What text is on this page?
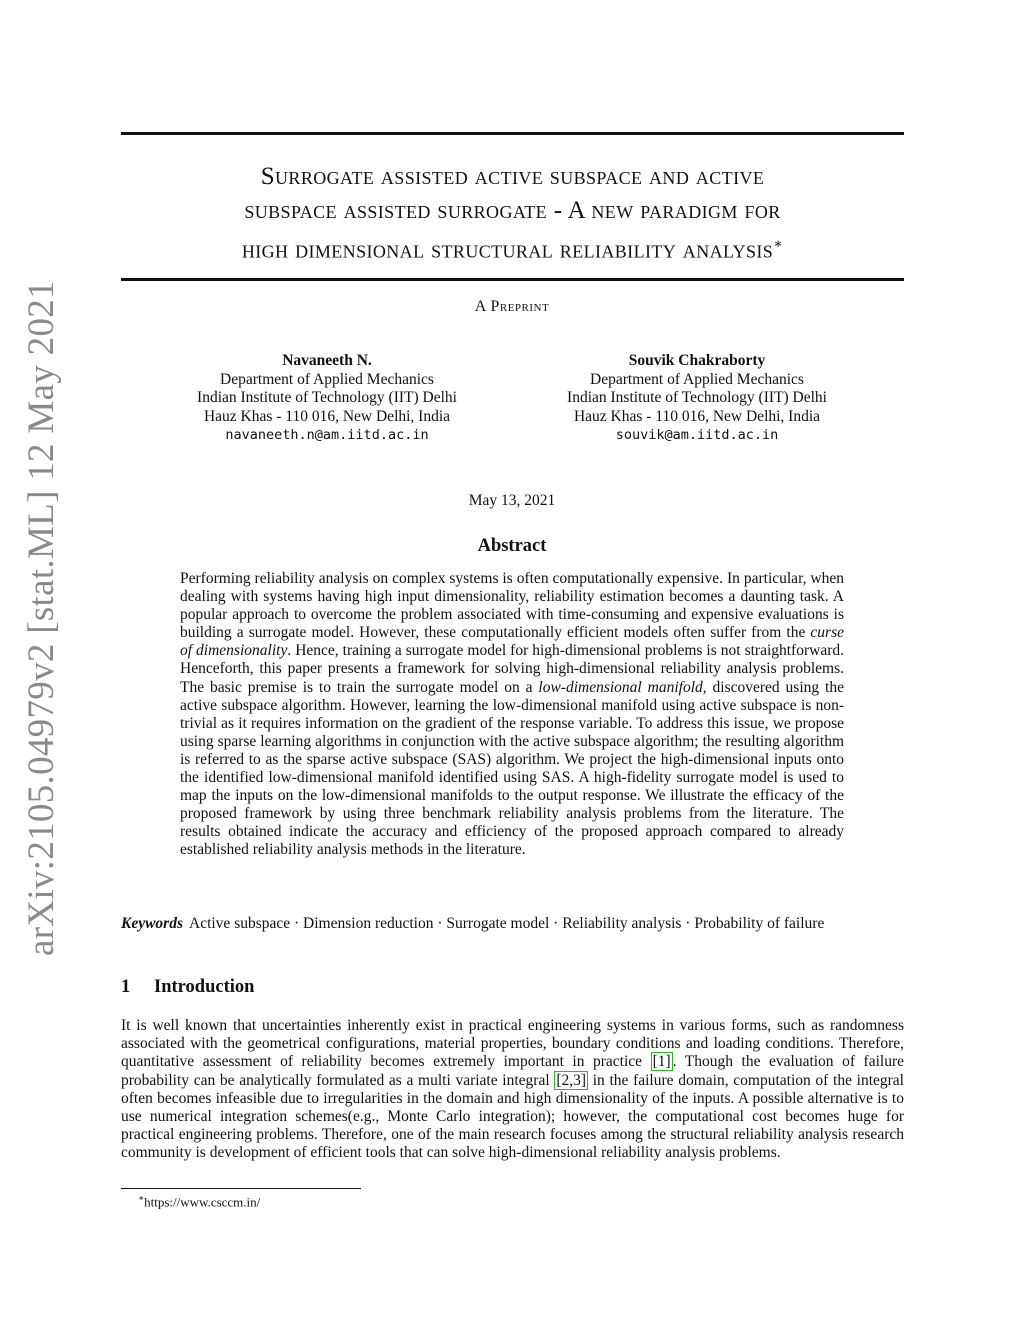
arXiv:2105.04979v2 [stat.ML] 12 May 2021
Surrogate assisted active subspace and active
subspace assisted surrogate - A new paradigm for
high dimensional structural reliability analysis∗
A Preprint
Navaneeth N.
Department of Applied Mechanics
Indian Institute of Technology (IIT) Delhi
Hauz Khas - 110 016, New Delhi, India
navaneeth.n@am.iitd.ac.in
Souvik Chakraborty
Department of Applied Mechanics
Indian Institute of Technology (IIT) Delhi
Hauz Khas - 110 016, New Delhi, India
souvik@am.iitd.ac.in
May 13, 2021
Abstract
Performing reliability analysis on complex systems is often computationally expensive. In particular, when dealing with systems having high input dimensionality, reliability estimation becomes a daunting task. A popular approach to overcome the problem associated with time-consuming and expensive evaluations is building a surrogate model. However, these computationally efficient models often suffer from the curse of dimensionality. Hence, training a surrogate model for high-dimensional problems is not straightforward. Henceforth, this paper presents a framework for solving high-dimensional reliability analysis problems. The basic premise is to train the surrogate model on a low-dimensional manifold, discovered using the active subspace algorithm. However, learning the low-dimensional manifold using active subspace is non-trivial as it requires information on the gradient of the response variable. To address this issue, we propose using sparse learning algorithms in conjunction with the active subspace algorithm; the resulting algorithm is referred to as the sparse active subspace (SAS) algorithm. We project the high-dimensional inputs onto the identified low-dimensional manifold identified using SAS. A high-fidelity surrogate model is used to map the inputs on the low-dimensional manifolds to the output response. We illustrate the efficacy of the proposed framework by using three benchmark reliability analysis problems from the literature. The results obtained indicate the accuracy and efficiency of the proposed approach compared to already established reliability analysis methods in the literature.
Keywords Active subspace · Dimension reduction · Surrogate model · Reliability analysis · Probability of failure
1 Introduction
It is well known that uncertainties inherently exist in practical engineering systems in various forms, such as randomness associated with the geometrical configurations, material properties, boundary conditions and loading conditions. Therefore, quantitative assessment of reliability becomes extremely important in practice [1] . Though the evaluation of failure probability can be analytically formulated as a multi variate integral [2,3] in the failure domain, computation of the integral often becomes infeasible due to irregularities in the domain and high dimensionality of the inputs. A possible alternative is to use numerical integration schemes(e.g., Monte Carlo integration); however, the computational cost becomes huge for practical engineering problems. Therefore, one of the main research focuses among the structural reliability analysis research community is development of efficient tools that can solve high-dimensional reliability analysis problems.
∗https://www.csccm.in/
